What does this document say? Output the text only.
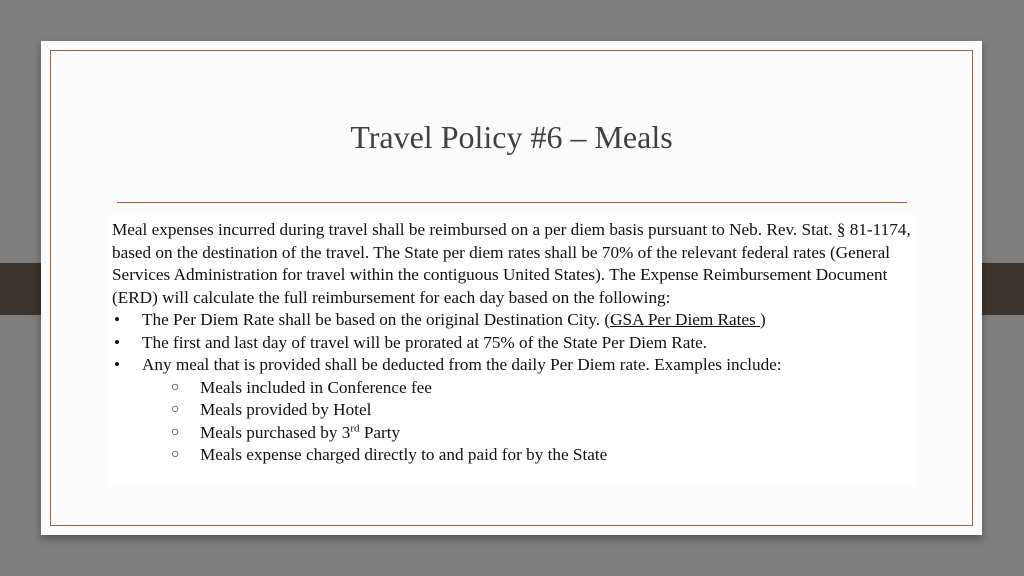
Travel Policy #6 – Meals

Meal expenses incurred during travel shall be reimbursed on a per diem basis pursuant to Neb. Rev. Stat. § 81-1174, based on the destination of the travel. The State per diem rates shall be 70% of the relevant federal rates (General Services Administration for travel within the contiguous United States). The Expense Reimbursement Document (ERD) will calculate the full reimbursement for each day based on the following:

• The Per Diem Rate shall be based on the original Destination City. (GSA Per Diem Rates )
• The first and last day of travel will be prorated at 75% of the State Per Diem Rate.
• Any meal that is provided shall be deducted from the daily Per Diem rate. Examples include:
○ Meals included in Conference fee
○ Meals provided by Hotel
○ Meals purchased by 3rd Party
○ Meals expense charged directly to and paid for by the State
